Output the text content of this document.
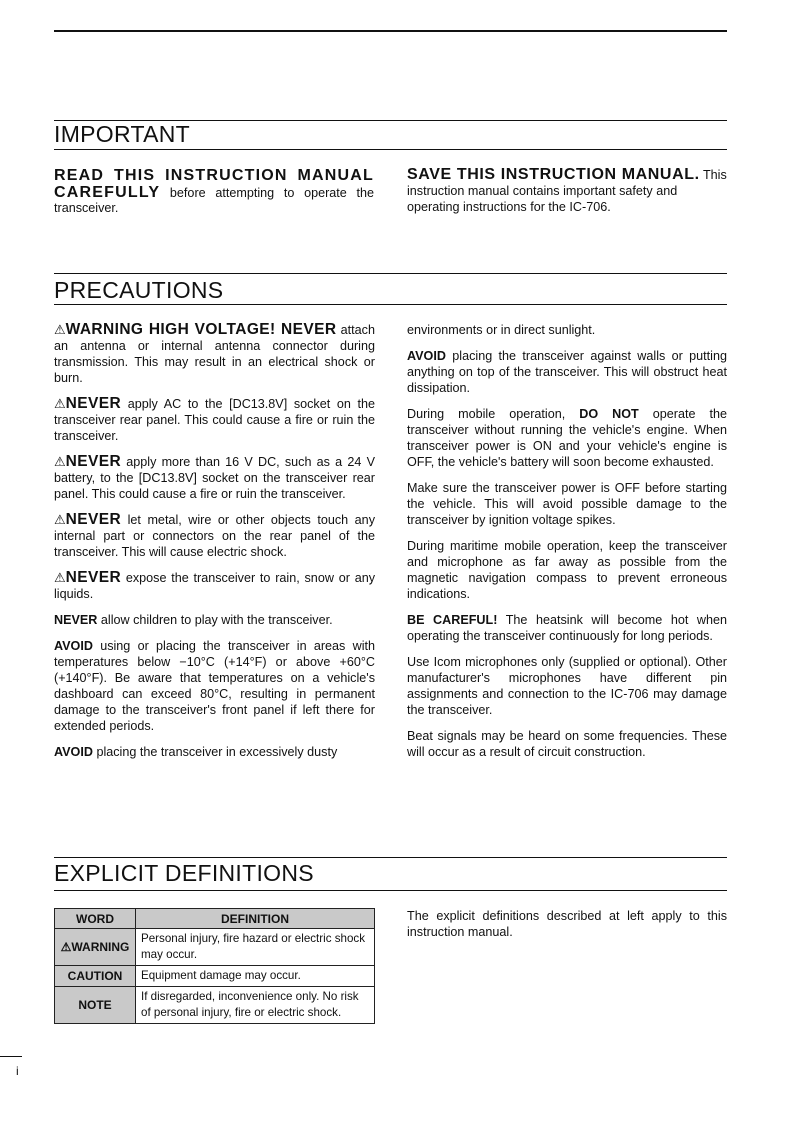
IMPORTANT
READ THIS INSTRUCTION MANUAL CAREFULLY before attempting to operate the transceiver.
SAVE THIS INSTRUCTION MANUAL. This instruction manual contains important safety and operating instructions for the IC-706.
PRECAUTIONS

⚠WARNING HIGH VOLTAGE! NEVER attach an antenna or internal antenna connector during transmission. This may result in an electrical shock or burn.

⚠NEVER apply AC to the [DC13.8V] socket on the transceiver rear panel. This could cause a fire or ruin the transceiver.

⚠NEVER apply more than 16 V DC, such as a 24 V battery, to the [DC13.8V] socket on the transceiver rear panel. This could cause a fire or ruin the transceiver.

⚠NEVER let metal, wire or other objects touch any internal part or connectors on the rear panel of the transceiver. This will cause electric shock.

⚠NEVER expose the transceiver to rain, snow or any liquids.

NEVER allow children to play with the transceiver.

AVOID using or placing the transceiver in areas with temperatures below −10°C (+14°F) or above +60°C (+140°F). Be aware that temperatures on a vehicle's dashboard can exceed 80°C, resulting in permanent damage to the transceiver's front panel if left there for extended periods.

AVOID placing the transceiver in excessively dusty

environments or in direct sunlight.

AVOID placing the transceiver against walls or putting anything on top of the transceiver. This will obstruct heat dissipation.

During mobile operation, DO NOT operate the transceiver without running the vehicle's engine. When transceiver power is ON and your vehicle's engine is OFF, the vehicle's battery will soon become exhausted.

Make sure the transceiver power is OFF before starting the vehicle. This will avoid possible damage to the transceiver by ignition voltage spikes.

During maritime mobile operation, keep the transceiver and microphone as far away as possible from the magnetic navigation compass to prevent erroneous indications.

BE CAREFUL! The heatsink will become hot when operating the transceiver continuously for long periods.

Use Icom microphones only (supplied or optional). Other manufacturer's microphones have different pin assignments and connection to the IC-706 may damage the transceiver.

Beat signals may be heard on some frequencies. These will occur as a result of circuit construction.

EXPLICIT DEFINITIONS
WORD	DEFINITION
⚠WARNING	Personal injury, fire hazard or electric shock may occur.
CAUTION	Equipment damage may occur.
NOTE	If disregarded, inconvenience only. No risk of personal injury, fire or electric shock.
The explicit definitions described at left apply to this instruction manual.
i
